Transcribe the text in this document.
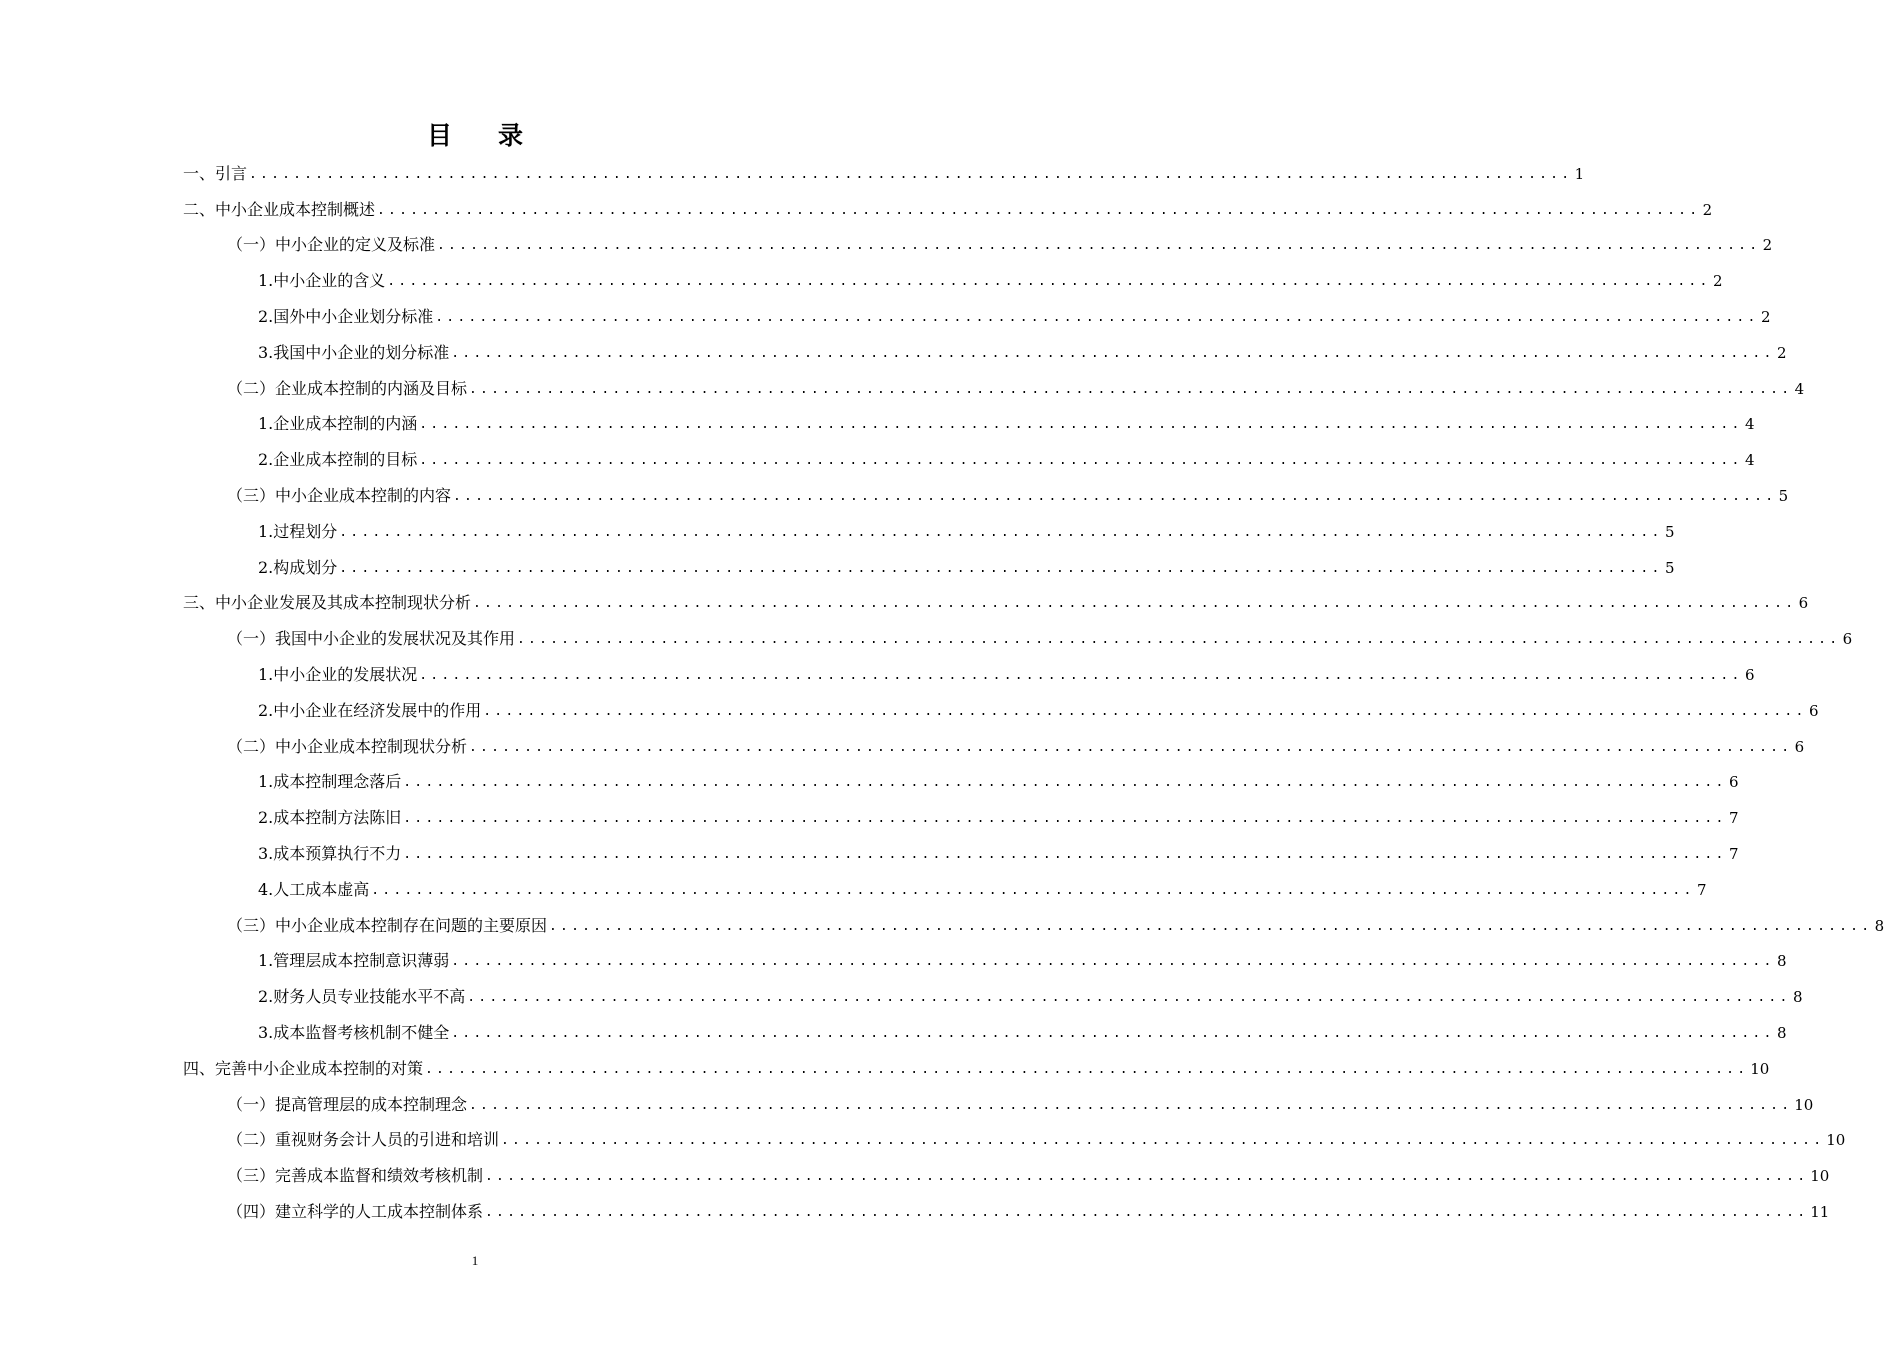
目 录
一、引言 ........................................................................................................................ 1
二、中小企业成本控制概述 ........................................................................................................................ 2
（一）中小企业的定义及标准 ........................................................................................................................ 2
1.中小企业的含义 ........................................................................................................................ 2
2.国外中小企业划分标准 ........................................................................................................................ 2
3.我国中小企业的划分标准 ........................................................................................................................ 2
（二）企业成本控制的内涵及目标 ........................................................................................................................ 4
1.企业成本控制的内涵 ........................................................................................................................ 4
2.企业成本控制的目标 ........................................................................................................................ 4
（三）中小企业成本控制的内容 ........................................................................................................................ 5
1.过程划分 ........................................................................................................................ 5
2.构成划分 ........................................................................................................................ 5
三、中小企业发展及其成本控制现状分析 ........................................................................................................................ 6
（一）我国中小企业的发展状况及其作用 ........................................................................................................................ 6
1.中小企业的发展状况 ........................................................................................................................ 6
2.中小企业在经济发展中的作用 ........................................................................................................................ 6
（二）中小企业成本控制现状分析 ........................................................................................................................ 6
1.成本控制理念落后 ........................................................................................................................ 6
2.成本控制方法陈旧 ........................................................................................................................ 7
3.成本预算执行不力 ........................................................................................................................ 7
4.人工成本虚高 ........................................................................................................................ 7
（三）中小企业成本控制存在问题的主要原因 ........................................................................................................................ 8
1.管理层成本控制意识薄弱 ........................................................................................................................ 8
2.财务人员专业技能水平不高 ........................................................................................................................ 8
3.成本监督考核机制不健全 ........................................................................................................................ 8
四、完善中小企业成本控制的对策 ........................................................................................................................ 10
（一）提高管理层的成本控制理念 ........................................................................................................................ 10
（二）重视财务会计人员的引进和培训 ........................................................................................................................ 10
（三）完善成本监督和绩效考核机制 ........................................................................................................................ 10
（四）建立科学的人工成本控制体系 ........................................................................................................................ 11
1
